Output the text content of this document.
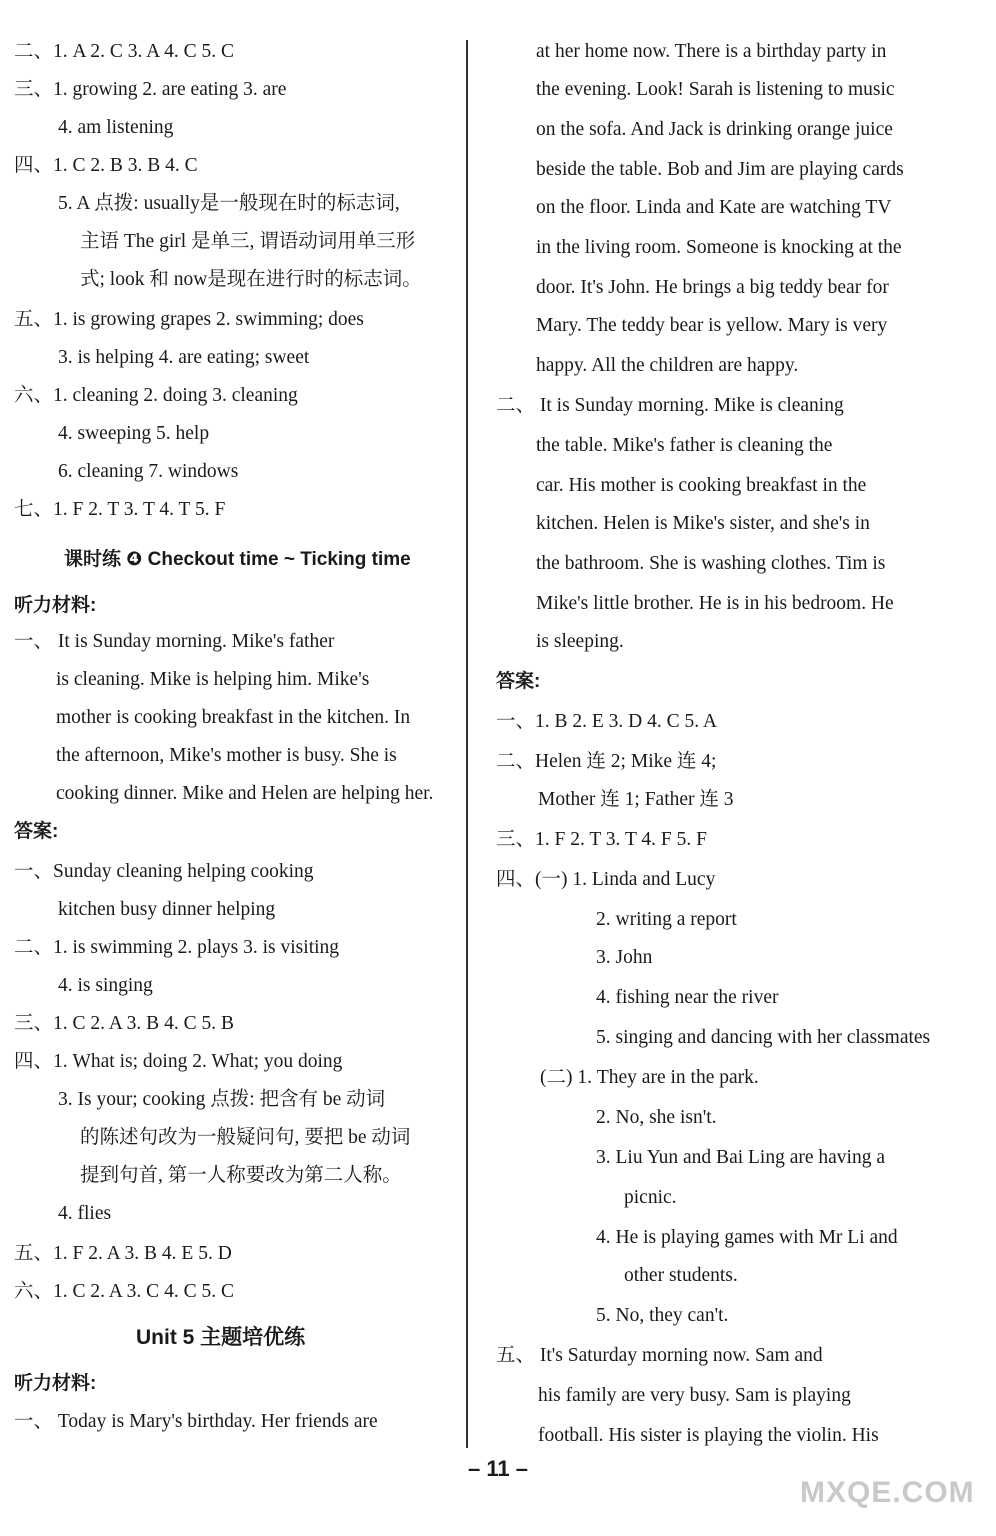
二、1. A 2. C 3. A 4. C 5. C
三、1. growing 2. are eating 3. are
4. am listening
四、1. C 2. B 3. B 4. C
5. A 点拨: usually是一般现在时的标志词,
主语 The girl 是单三, 谓语动词用单三形
式; look 和 now是现在进行时的标志词。
五、1. is growing grapes 2. swimming; does
3. is helping 4. are eating; sweet
六、1. cleaning 2. doing 3. cleaning
4. sweeping 5. help
6. cleaning 7. windows
七、1. F 2. T 3. T 4. T 5. F
课时练 ❹ Checkout time ~ Ticking time
听力材料:
一、 It is Sunday morning. Mike's father
is cleaning. Mike is helping him. Mike's
mother is cooking breakfast in the kitchen. In
the afternoon, Mike's mother is busy. She is
cooking dinner. Mike and Helen are helping her.
答案:
一、Sunday cleaning helping cooking
kitchen busy dinner helping
二、1. is swimming 2. plays 3. is visiting
4. is singing
三、1. C 2. A 3. B 4. C 5. B
四、1. What is; doing 2. What; you doing
3. Is your; cooking 点拨: 把含有 be 动词
的陈述句改为一般疑问句, 要把 be 动词
提到句首, 第一人称要改为第二人称。
4. flies
五、1. F 2. A 3. B 4. E 5. D
六、1. C 2. A 3. C 4. C 5. C
Unit 5 主题培优练
听力材料:
一、 Today is Mary's birthday. Her friends are
at her home now. There is a birthday party in
the evening. Look! Sarah is listening to music
on the sofa. And Jack is drinking orange juice
beside the table. Bob and Jim are playing cards
on the floor. Linda and Kate are watching TV
in the living room. Someone is knocking at the
door. It's John. He brings a big teddy bear for
Mary. The teddy bear is yellow. Mary is very
happy. All the children are happy.
二、 It is Sunday morning. Mike is cleaning
the table. Mike's father is cleaning the
car. His mother is cooking breakfast in the
kitchen. Helen is Mike's sister, and she's in
the bathroom. She is washing clothes. Tim is
Mike's little brother. He is in his bedroom. He
is sleeping.
答案:
一、1. B 2. E 3. D 4. C 5. A
二、Helen 连 2; Mike 连 4;
Mother 连 1; Father 连 3
三、1. F 2. T 3. T 4. F 5. F
四、(一) 1. Linda and Lucy
2. writing a report
3. John
4. fishing near the river
5. singing and dancing with her classmates
(二) 1. They are in the park.
2. No, she isn't.
3. Liu Yun and Bai Ling are having a
picnic.
4. He is playing games with Mr Li and
other students.
5. No, they can't.
五、 It's Saturday morning now. Sam and
his family are very busy. Sam is playing
football. His sister is playing the violin. His
– 11 –
MXQE.COM
